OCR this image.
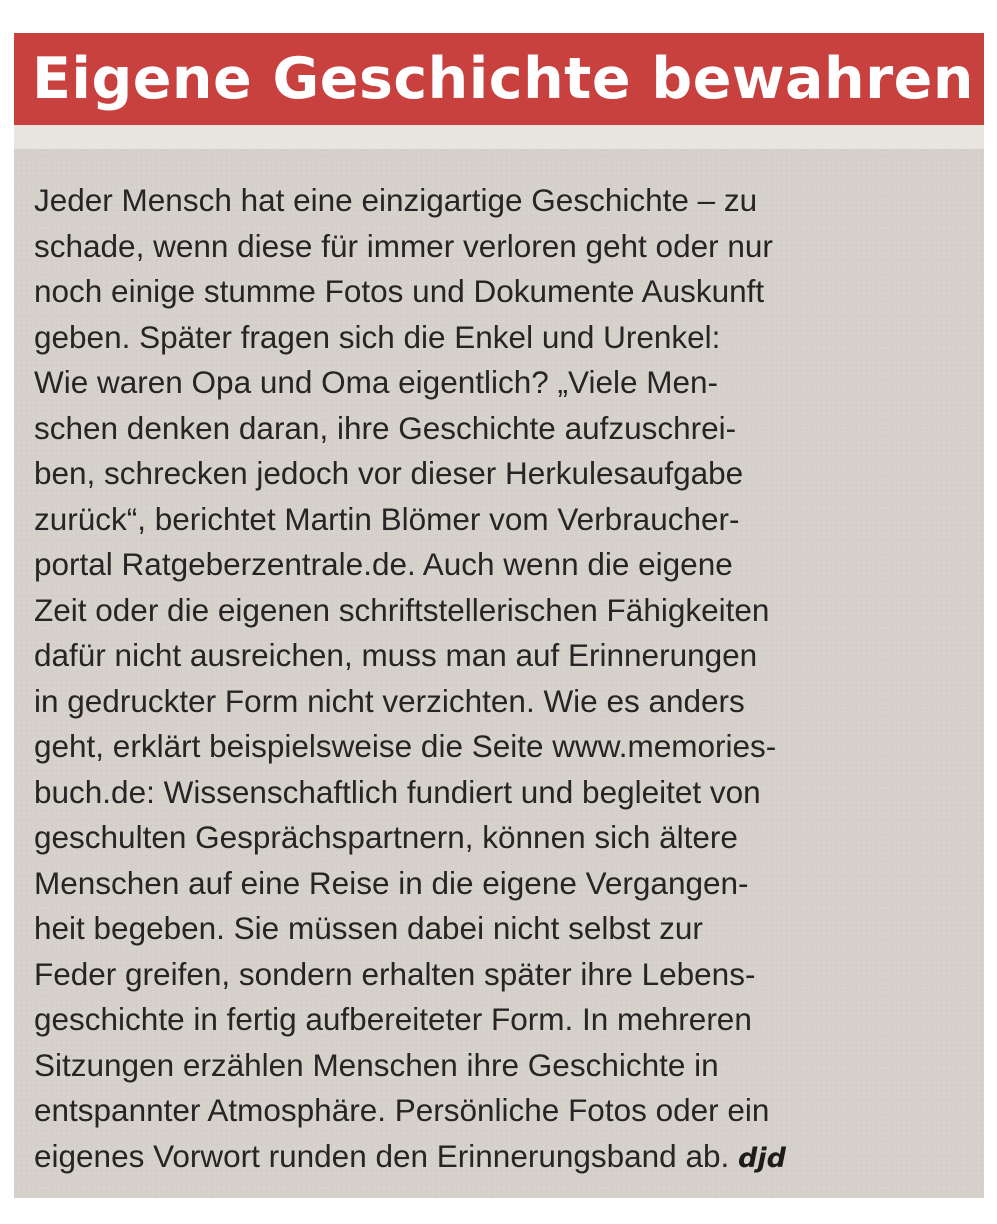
Eigene Geschichte bewahren
Jeder Mensch hat eine einzigartige Geschichte – zu
schade, wenn diese für immer verloren geht oder nur
noch einige stumme Fotos und Dokumente Auskunft
geben. Später fragen sich die Enkel und Urenkel:
Wie waren Opa und Oma eigentlich? „Viele Men-
schen denken daran, ihre Geschichte aufzuschrei-
ben, schrecken jedoch vor dieser Herkulesaufgabe
zurück“, berichtet Martin Blömer vom Verbraucher-
portal Ratgeberzentrale.de. Auch wenn die eigene
Zeit oder die eigenen schriftstellerischen Fähigkeiten
dafür nicht ausreichen, muss man auf Erinnerungen
in gedruckter Form nicht verzichten. Wie es anders
geht, erklärt beispielsweise die Seite www.memories-
buch.de: Wissenschaftlich fundiert und begleitet von
geschulten Gesprächspartnern, können sich ältere
Menschen auf eine Reise in die eigene Vergangen-
heit begeben. Sie müssen dabei nicht selbst zur
Feder greifen, sondern erhalten später ihre Lebens-
geschichte in fertig aufbereiteter Form. In mehreren
Sitzungen erzählen Menschen ihre Geschichte in
entspannter Atmosphäre. Persönliche Fotos oder ein
eigenes Vorwort runden den Erinnerungsband ab. djd
